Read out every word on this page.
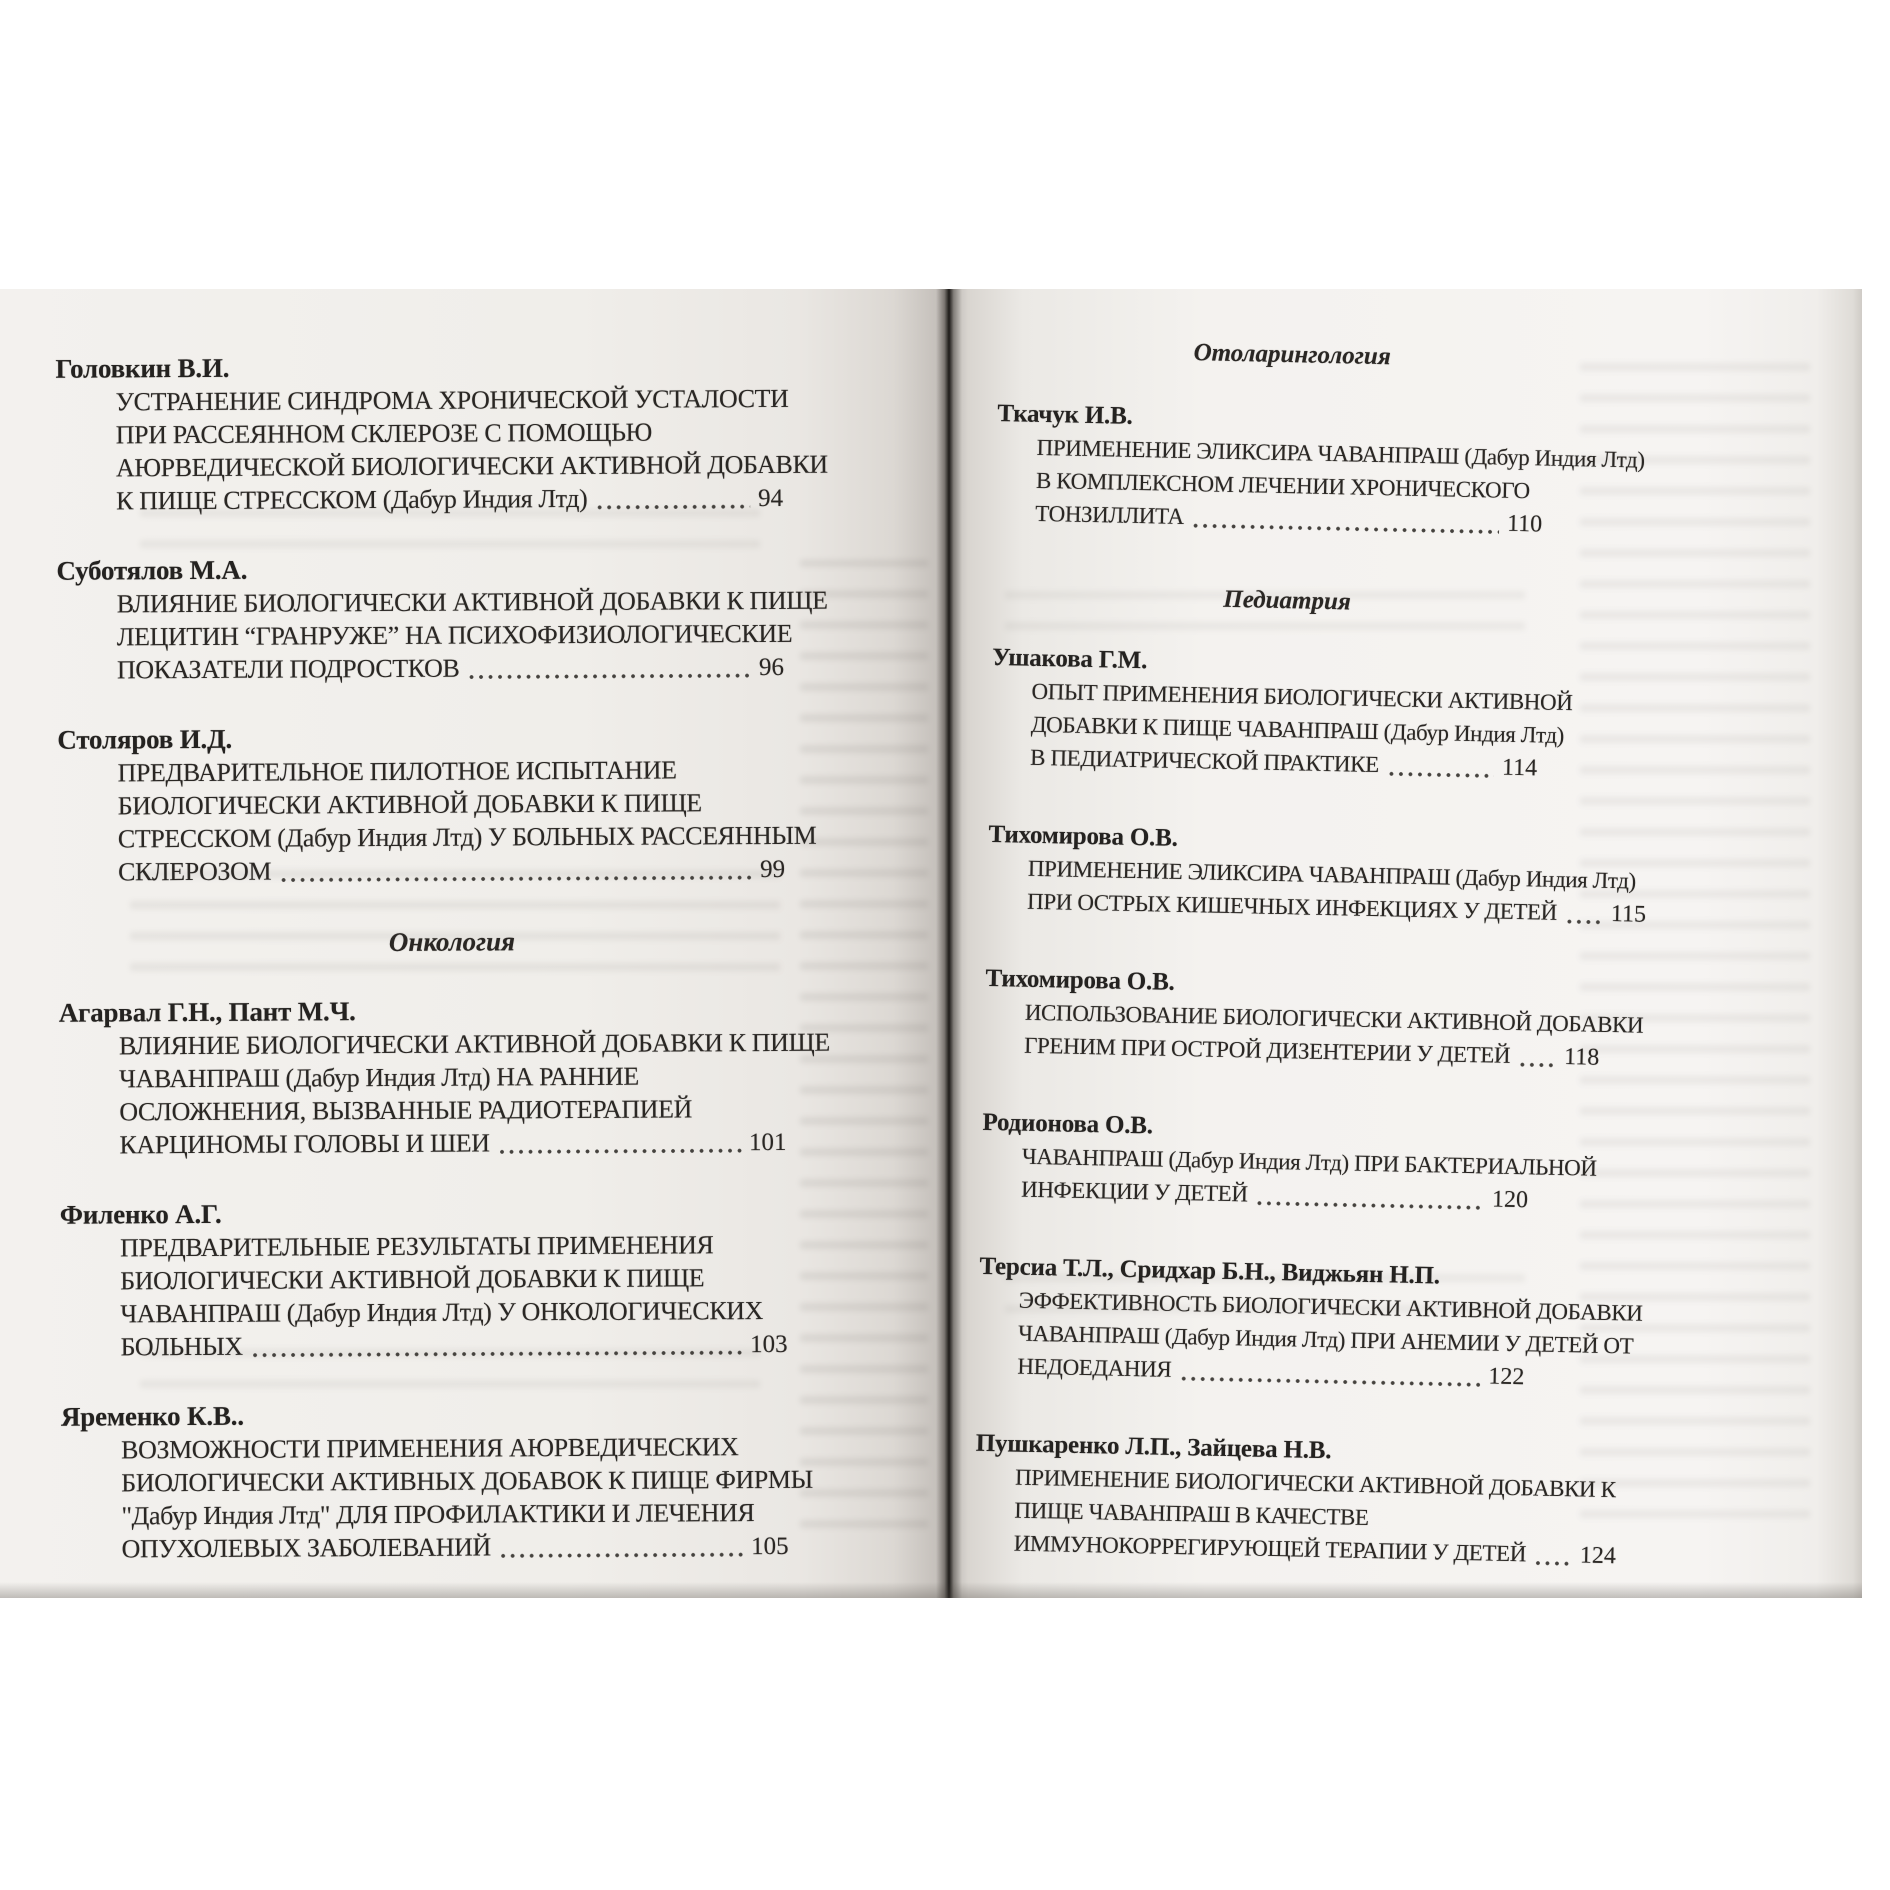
Головкин В.И.
УСТРАНЕНИЕ СИНДРОМА ХРОНИЧЕСКОЙ УСТАЛОСТИ
ПРИ РАССЕЯННОМ СКЛЕРОЗЕ С ПОМОЩЬЮ
АЮРВЕДИЧЕСКОЙ БИОЛОГИЧЕСКИ АКТИВНОЙ ДОБАВКИ
К ПИЩЕ СТРЕССКОМ (Дабур Индия Лтд)	94
Суботялов М.А.
ВЛИЯНИЕ БИОЛОГИЧЕСКИ АКТИВНОЙ ДОБАВКИ К ПИЩЕ
ЛЕЦИТИН “ГРАНРУЖЕ” НА ПСИХОФИЗИОЛОГИЧЕСКИЕ
ПОКАЗАТЕЛИ ПОДРОСТКОВ	96
Столяров И.Д.
ПРЕДВАРИТЕЛЬНОЕ ПИЛОТНОЕ ИСПЫТАНИЕ
БИОЛОГИЧЕСКИ АКТИВНОЙ ДОБАВКИ К ПИЩЕ
СТРЕССКОМ (Дабур Индия Лтд) У БОЛЬНЫХ РАССЕЯННЫМ
СКЛЕРОЗОМ	99
Онкология
Агарвал Г.Н., Пант М.Ч.
ВЛИЯНИЕ БИОЛОГИЧЕСКИ АКТИВНОЙ ДОБАВКИ К ПИЩЕ
ЧАВАНПРАШ (Дабур Индия Лтд) НА РАННИЕ
ОСЛОЖНЕНИЯ, ВЫЗВАННЫЕ РАДИОТЕРАПИЕЙ
КАРЦИНОМЫ ГОЛОВЫ И ШЕИ	101
Филенко А.Г.
ПРЕДВАРИТЕЛЬНЫЕ РЕЗУЛЬТАТЫ ПРИМЕНЕНИЯ
БИОЛОГИЧЕСКИ АКТИВНОЙ ДОБАВКИ К ПИЩЕ
ЧАВАНПРАШ (Дабур Индия Лтд) У ОНКОЛОГИЧЕСКИХ
БОЛЬНЫХ	103
Яременко К.В..
ВОЗМОЖНОСТИ ПРИМЕНЕНИЯ АЮРВЕДИЧЕСКИХ
БИОЛОГИЧЕСКИ АКТИВНЫХ ДОБАВОК К ПИЩЕ ФИРМЫ
"Дабур Индия Лтд" ДЛЯ ПРОФИЛАКТИКИ И ЛЕЧЕНИЯ
ОПУХОЛЕВЫХ ЗАБОЛЕВАНИЙ	105
Отоларингология
Ткачук И.В.
ПРИМЕНЕНИЕ ЭЛИКСИРА ЧАВАНПРАШ (Дабур Индия Лтд)
В КОМПЛЕКСНОМ ЛЕЧЕНИИ ХРОНИЧЕСКОГО
ТОНЗИЛЛИТА	110
Педиатрия
Ушакова Г.М.
ОПЫТ ПРИМЕНЕНИЯ БИОЛОГИЧЕСКИ АКТИВНОЙ
ДОБАВКИ К ПИЩЕ ЧАВАНПРАШ (Дабур Индия Лтд)
В ПЕДИАТРИЧЕСКОЙ ПРАКТИКЕ	114
Тихомирова О.В.
ПРИМЕНЕНИЕ ЭЛИКСИРА ЧАВАНПРАШ (Дабур Индия Лтд)
ПРИ ОСТРЫХ КИШЕЧНЫХ ИНФЕКЦИЯХ У ДЕТЕЙ 115
Тихомирова О.В.
ИСПОЛЬЗОВАНИЕ БИОЛОГИЧЕСКИ АКТИВНОЙ ДОБАВКИ
ГРЕНИМ ПРИ ОСТРОЙ ДИЗЕНТЕРИИ У ДЕТЕЙ 118
Родионова О.В.
ЧАВАНПРАШ (Дабур Индия Лтд) ПРИ БАКТЕРИАЛЬНОЙ
ИНФЕКЦИИ У ДЕТЕЙ	120
Терсиа Т.Л., Сридхар Б.Н., Виджьян Н.П.
ЭФФЕКТИВНОСТЬ БИОЛОГИЧЕСКИ АКТИВНОЙ ДОБАВКИ
ЧАВАНПРАШ (Дабур Индия Лтд) ПРИ АНЕМИИ У ДЕТЕЙ ОТ
НЕДОЕДАНИЯ	122
Пушкаренко Л.П., Зайцева Н.В.
ПРИМЕНЕНИЕ БИОЛОГИЧЕСКИ АКТИВНОЙ ДОБАВКИ К
ПИЩЕ ЧАВАНПРАШ В КАЧЕСТВЕ
ИММУНОКОРРЕГИРУЮЩЕЙ ТЕРАПИИ У ДЕТЕЙ 124
